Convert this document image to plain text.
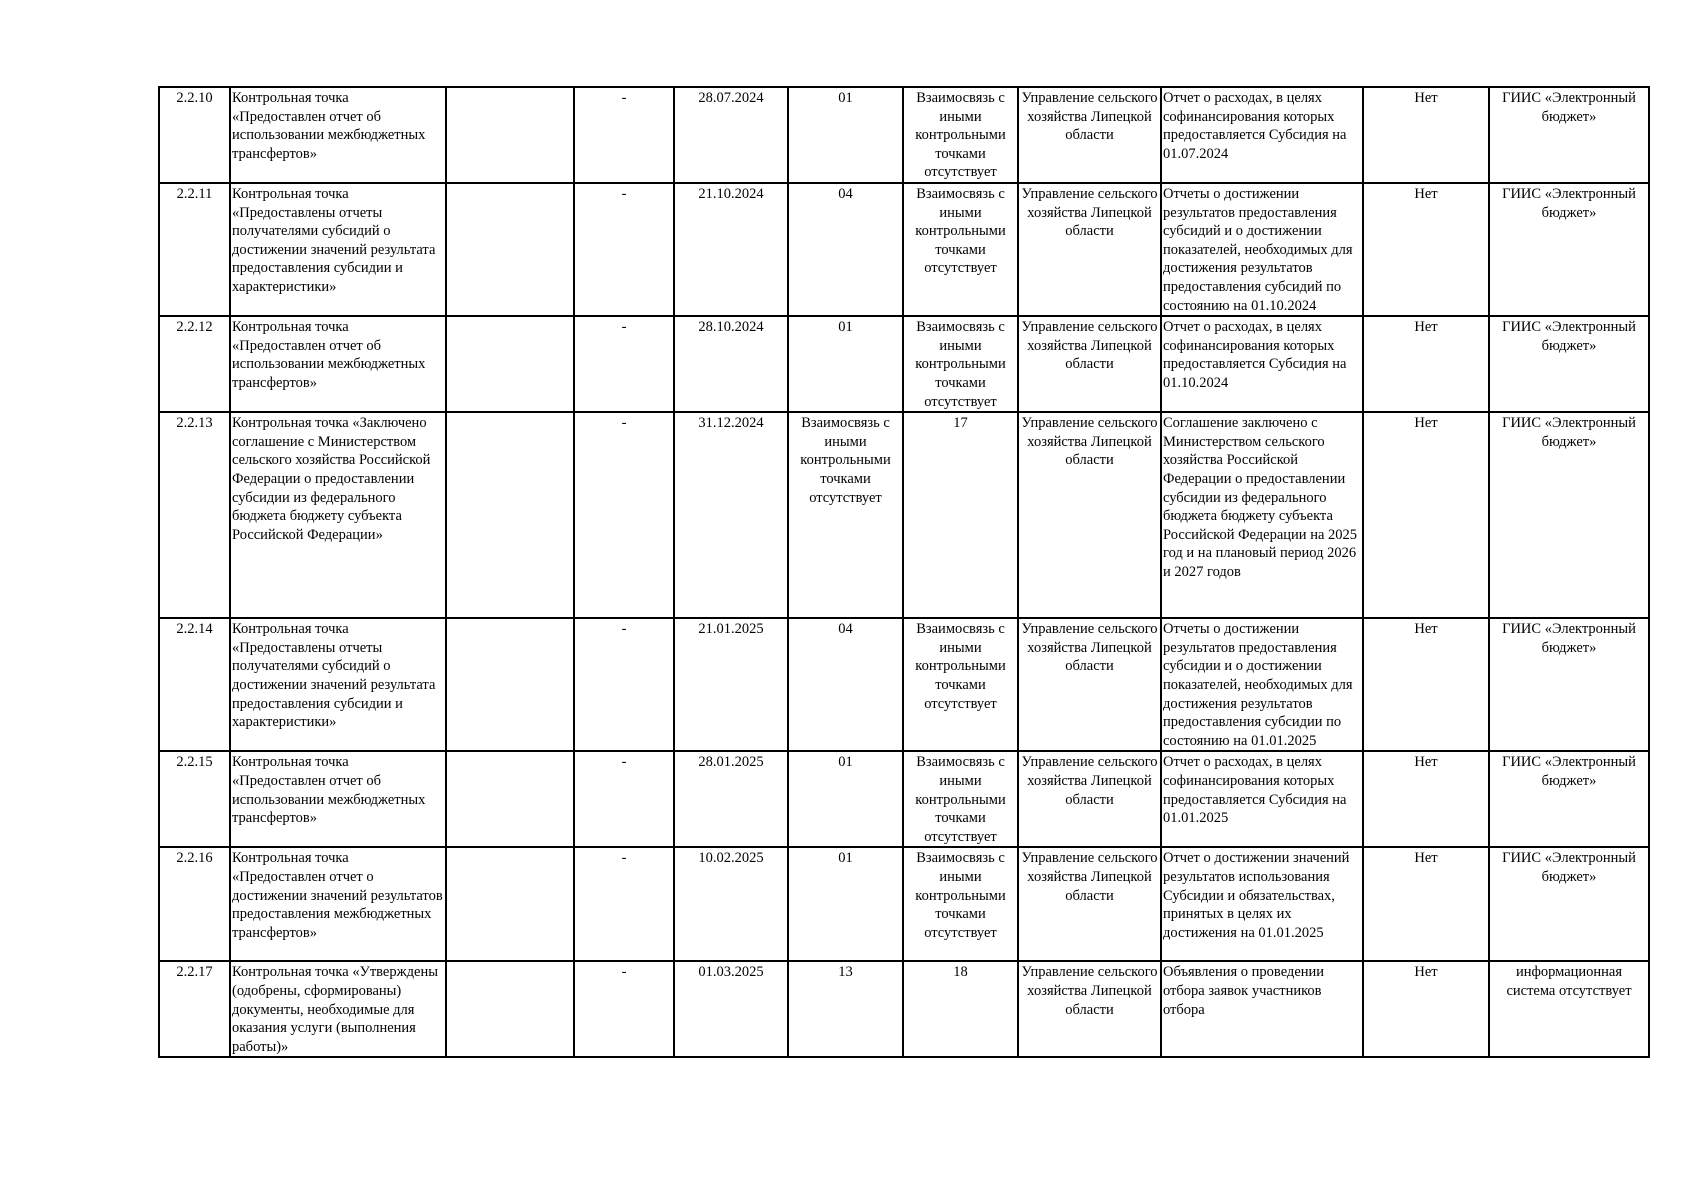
2.2.10	Контрольная точка «Предоставлен отчет об использовании межбюджетных трансфертов»		-	28.07.2024	01	Взаимосвязь с иными контрольными точками отсутствует	Управление сельского хозяйства Липецкой области	Отчет о расходах, в целях софинансирования которых предоставляется Субсидия на 01.07.2024	Нет	ГИИС «Электронный бюджет»
2.2.11	Контрольная точка «Предоставлены отчеты получателями субсидий о достижении значений результата предоставления субсидии и характеристики»		-	21.10.2024	04	Взаимосвязь с иными контрольными точками отсутствует	Управление сельского хозяйства Липецкой области	Отчеты о достижении результатов предоставления субсидий и о достижении показателей, необходимых для достижения результатов предоставления субсидий по состоянию на 01.10.2024	Нет	ГИИС «Электронный бюджет»
2.2.12	Контрольная точка «Предоставлен отчет об использовании межбюджетных трансфертов»		-	28.10.2024	01	Взаимосвязь с иными контрольными точками отсутствует	Управление сельского хозяйства Липецкой области	Отчет о расходах, в целях софинансирования которых предоставляется Субсидия на 01.10.2024	Нет	ГИИС «Электронный бюджет»
2.2.13	Контрольная точка «Заключено соглашение с Министерством сельского хозяйства Российской Федерации о предоставлении субсидии из федерального бюджета бюджету субъекта Российской Федерации»		-	31.12.2024	Взаимосвязь с иными контрольными точками отсутствует	17	Управление сельского хозяйства Липецкой области	Соглашение заключено с Министерством сельского хозяйства Российской Федерации о предоставлении субсидии из федерального бюджета бюджету субъекта Российской Федерации на 2025 год и на плановый период 2026 и 2027 годов	Нет	ГИИС «Электронный бюджет»
2.2.14	Контрольная точка «Предоставлены отчеты получателями субсидий о достижении значений результата предоставления субсидии и характеристики»		-	21.01.2025	04	Взаимосвязь с иными контрольными точками отсутствует	Управление сельского хозяйства Липецкой области	Отчеты о достижении результатов предоставления субсидии и о достижении показателей, необходимых для достижения результатов предоставления субсидии по состоянию на 01.01.2025	Нет	ГИИС «Электронный бюджет»
2.2.15	Контрольная точка «Предоставлен отчет об использовании межбюджетных трансфертов»		-	28.01.2025	01	Взаимосвязь с иными контрольными точками отсутствует	Управление сельского хозяйства Липецкой области	Отчет о расходах, в целях софинансирования которых предоставляется Субсидия на 01.01.2025	Нет	ГИИС «Электронный бюджет»
2.2.16	Контрольная точка «Предоставлен отчет о достижении значений результатов предоставления межбюджетных трансфертов»		-	10.02.2025	01	Взаимосвязь с иными контрольными точками отсутствует	Управление сельского хозяйства Липецкой области	Отчет о достижении значений результатов использования Субсидии и обязательствах, принятых в целях их достижения на 01.01.2025	Нет	ГИИС «Электронный бюджет»
2.2.17	Контрольная точка «Утверждены (одобрены, сформированы) документы, необходимые для оказания услуги (выполнения работы)»		-	01.03.2025	13	18	Управление сельского хозяйства Липецкой области	Объявления о проведении отбора заявок участников отбора	Нет	информационная система отсутствует
